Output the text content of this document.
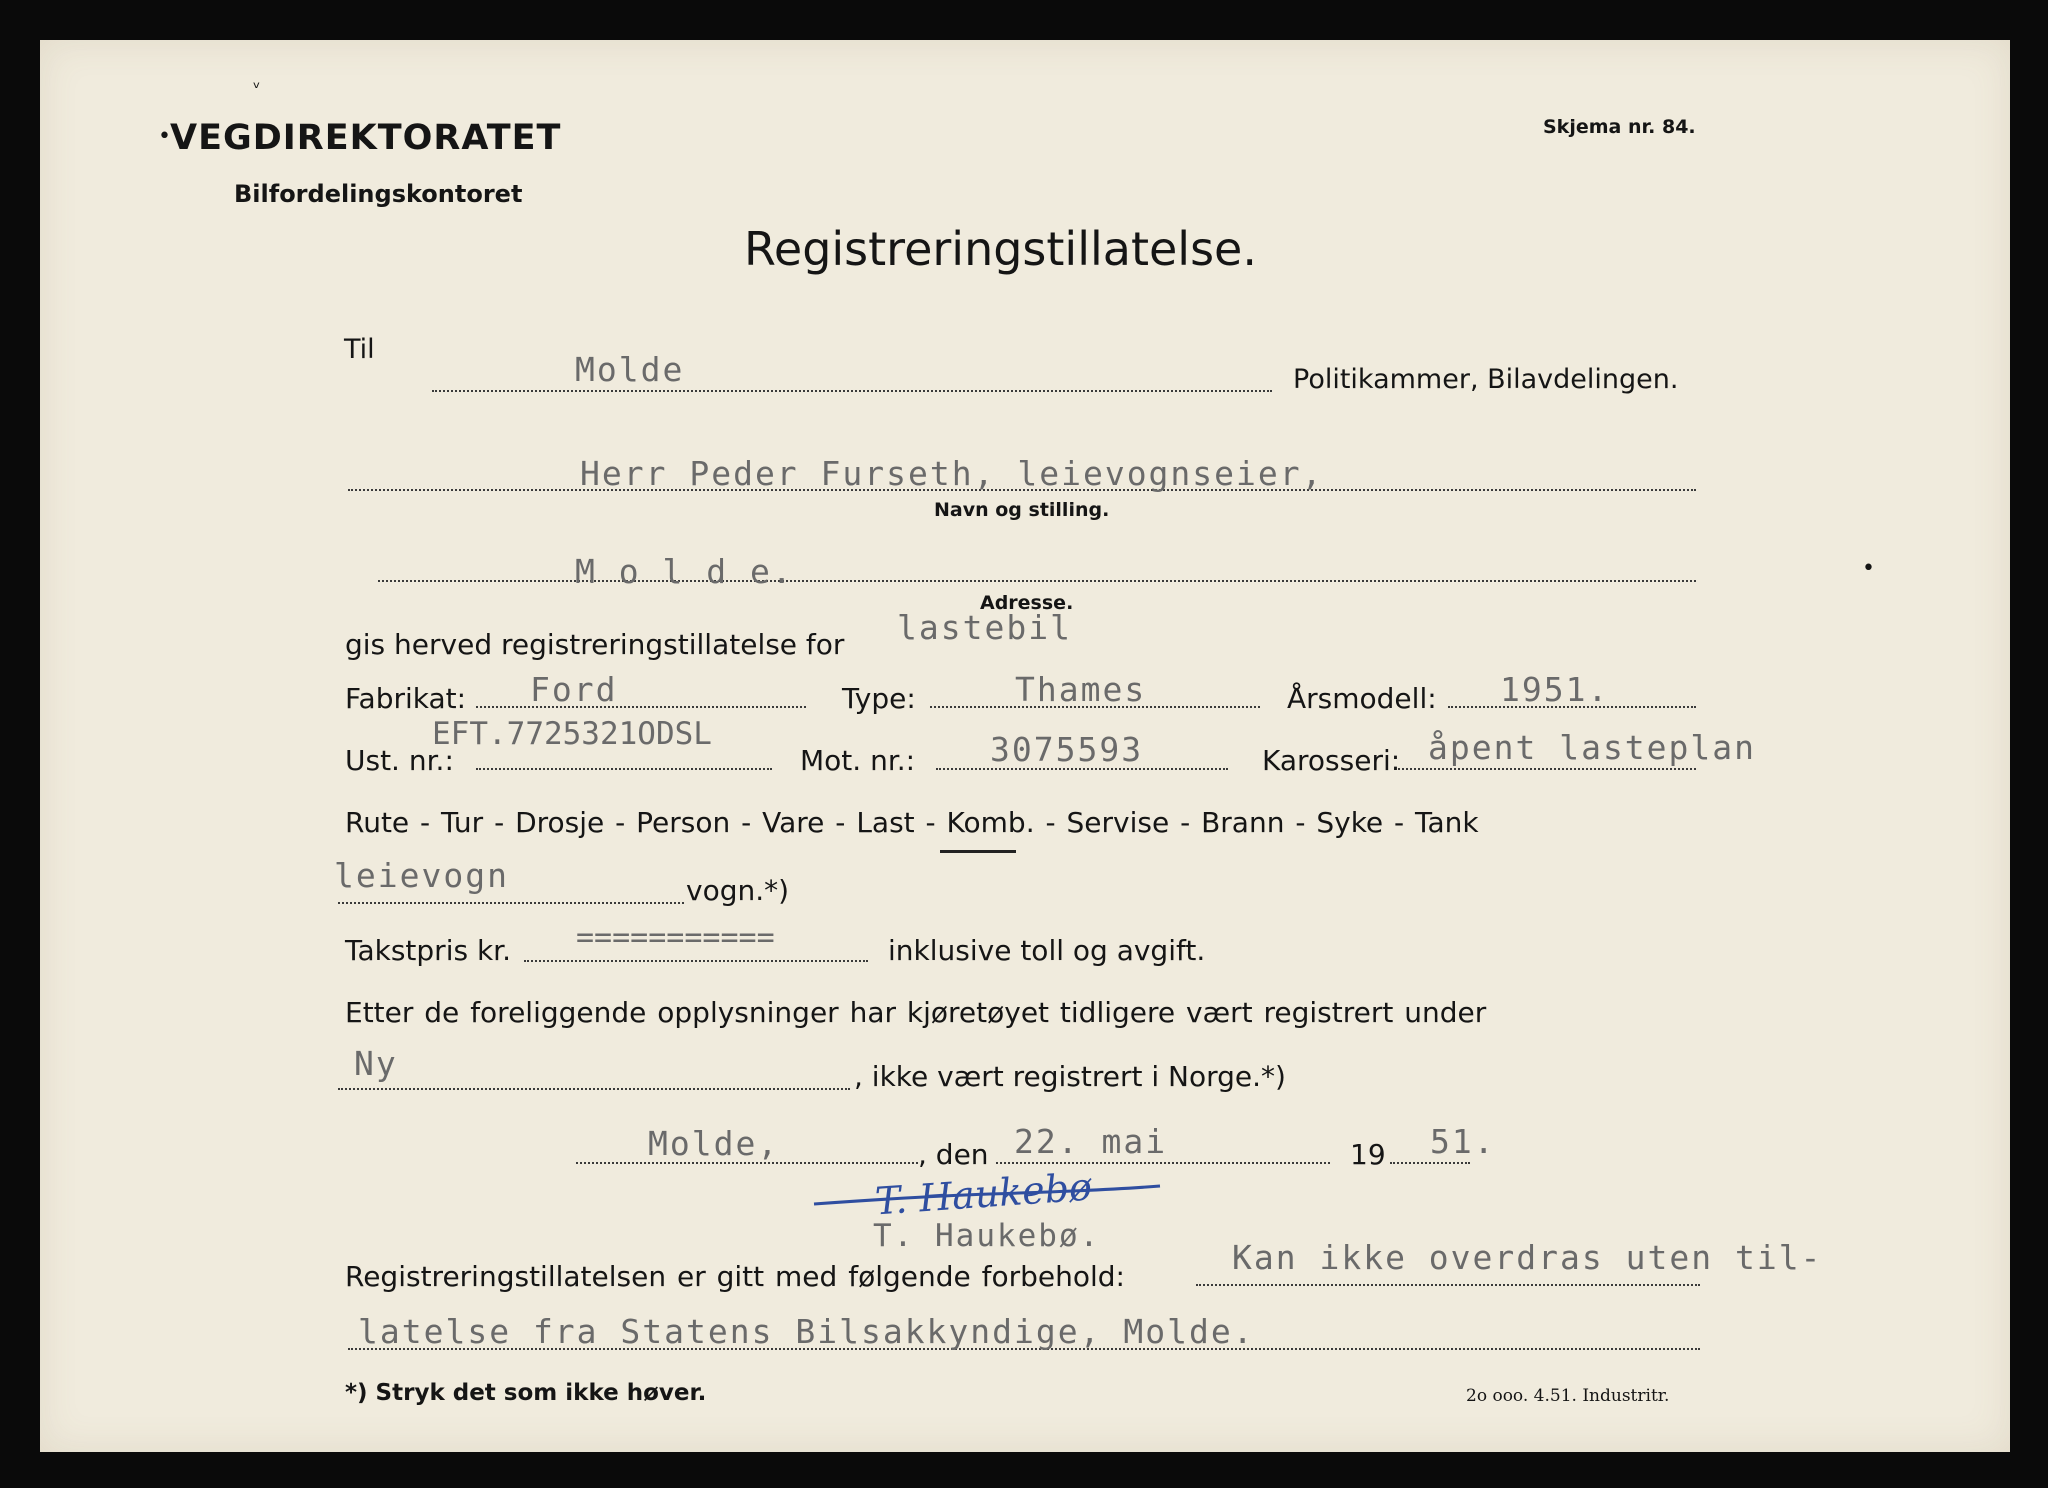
ᵛ
• VEGDIREKTORATET
Bilfordelingskontoret
Skjema nr. 84.
Registreringstillatelse.
Til
Molde	Politikammer, Bilavdelingen.
Herr Peder Furseth, leievognseier,
Navn og stilling.
M o l d e.	•
Adresse.
gis herved registreringstillatelse for lastebil
Fabrikat: Ford	Type:	Thames	Årsmodell: 1951.
Ust. nr.:
EFT.7725321ODSL
Mot. nr.: 3075593	Karosseri: åpent lasteplan
Rute - Tur - Drosje - Person - Vare - Last - Komb. - Servise - Brann - Syke - Tank
leievogn	vogn.*)
Takstpris kr. ===========	inklusive toll og avgift.
Etter de foreliggende opplysninger har kjøretøyet tidligere vært registrert under
Ny	, ikke vært registrert i Norge.*)
Molde,	, den 22. mai	19 51.
T. Haukebø
T. Haukebø.
Registreringstillatelsen er gitt med følgende forbehold:	Kan ikke overdras uten til-
latelse fra Statens Bilsakkyndige, Molde.
*) Stryk det som ikke høver.	2o ooo. 4.51. Industritr.
